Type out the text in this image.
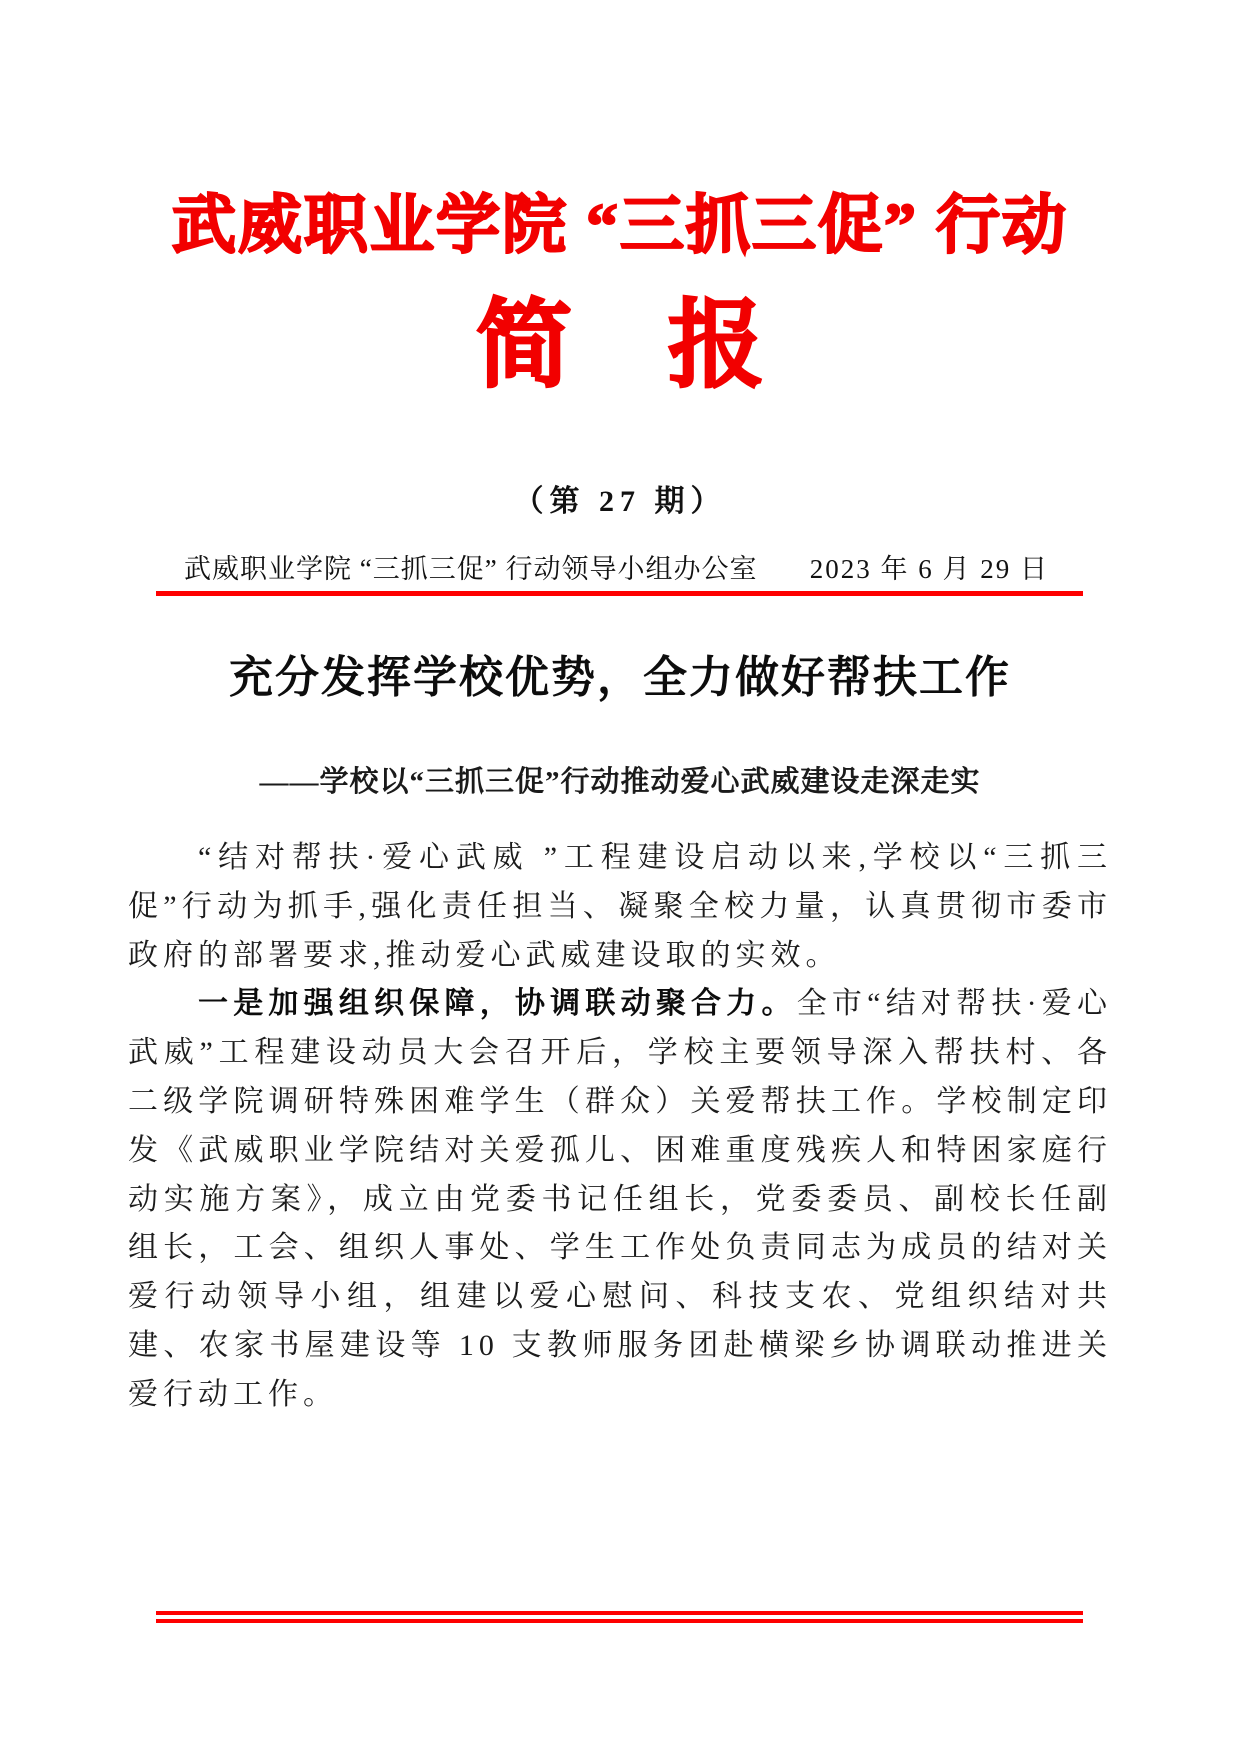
武威职业学院 “三抓三促” 行动
简　报
（第 27 期）
武威职业学院 “三抓三促” 行动领导小组办公室 2023 年 6 月 29 日
充分发挥学校优势，全力做好帮扶工作
——学校以“三抓三促”行动推动爱心武威建设走深走实

“结对帮扶·爱心武威 ”工程建设启动以来,学校以“三抓三促”行动为抓手,强化责任担当、凝聚全校力量，认真贯彻市委市政府的部署要求,推动爱心武威建设取的实效。

一是加强组织保障，协调联动聚合力。全市“结对帮扶·爱心武威”工程建设动员大会召开后，学校主要领导深入帮扶村、各二级学院调研特殊困难学生（群众）关爱帮扶工作。学校制定印发《武威职业学院结对关爱孤儿、困难重度残疾人和特困家庭行动实施方案》，成立由党委书记任组长，党委委员、副校长任副组长，工会、组织人事处、学生工作处负责同志为成员的结对关爱行动领导小组，组建以爱心慰问、科技支农、党组织结对共建、农家书屋建设等 10 支教师服务团赴横梁乡协调联动推进关爱行动工作。
